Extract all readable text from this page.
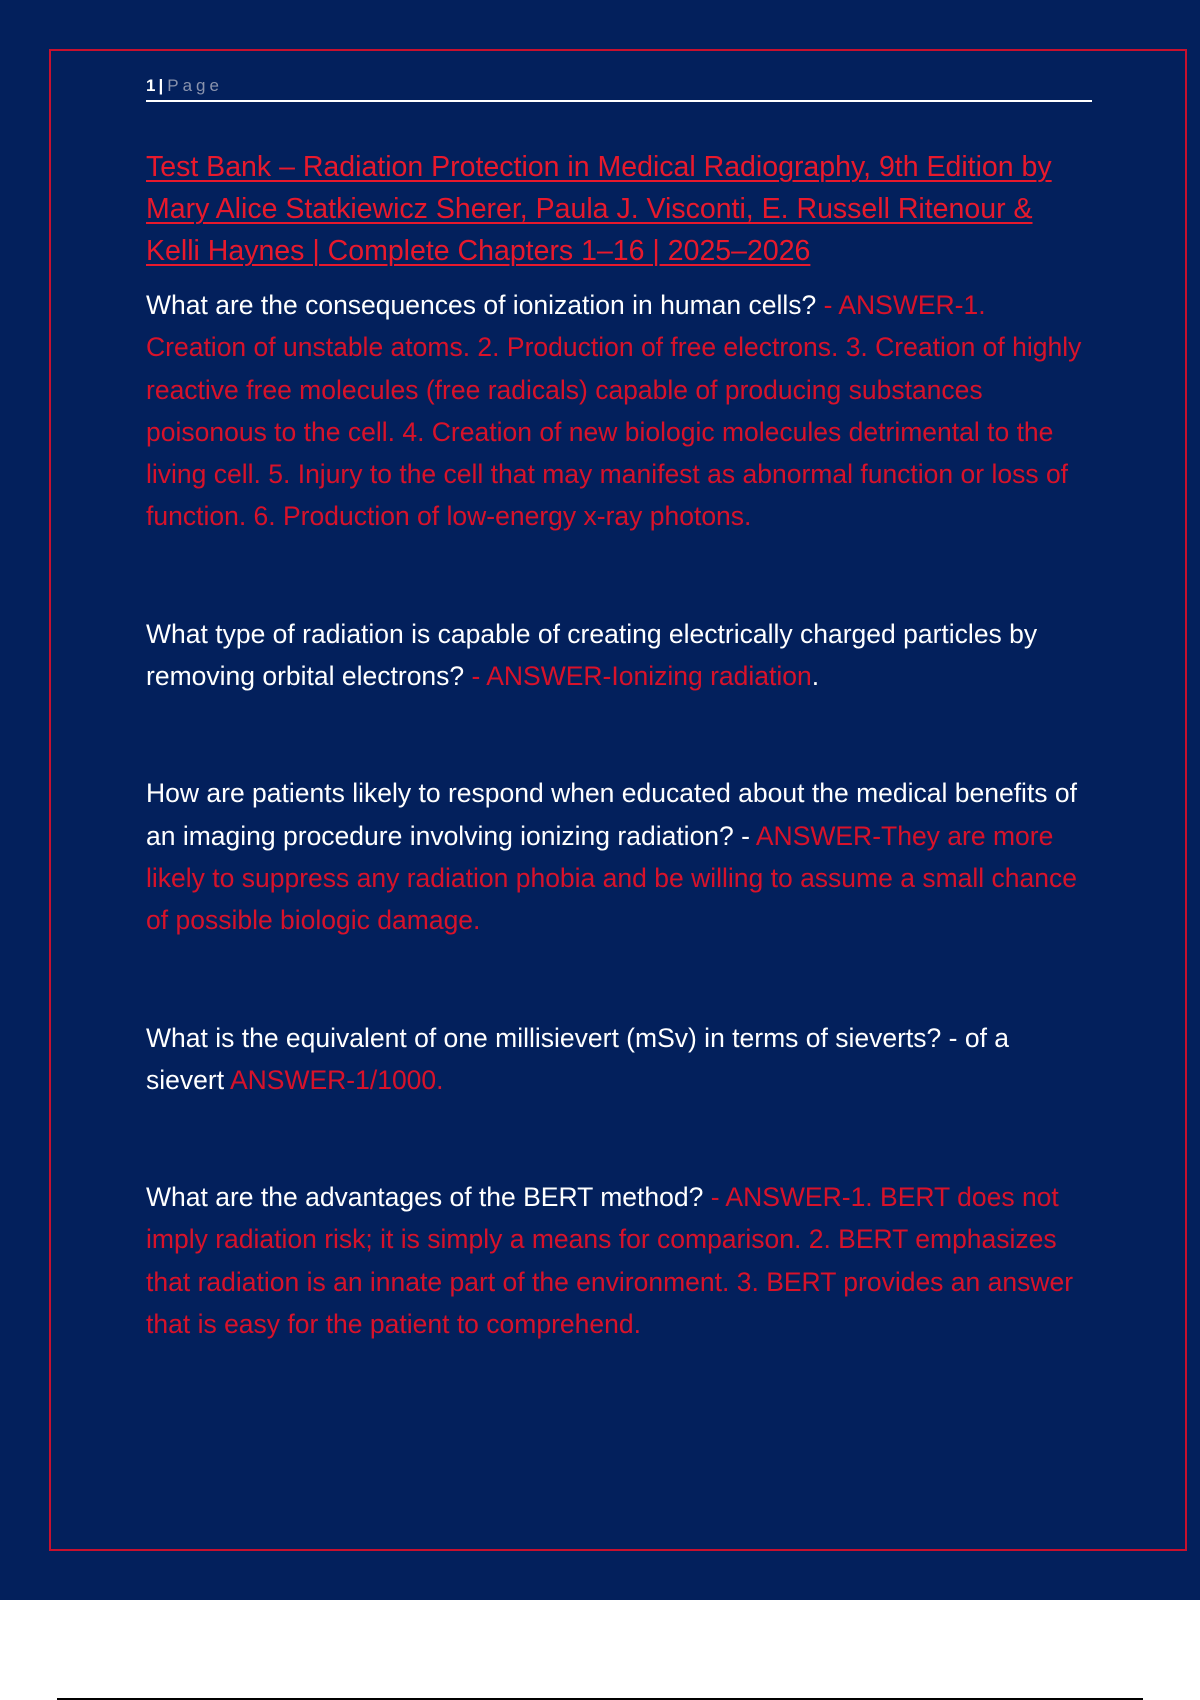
1 | Page
Test Bank – Radiation Protection in Medical Radiography, 9th Edition by Mary Alice Statkiewicz Sherer, Paula J. Visconti, E. Russell Ritenour & Kelli Haynes | Complete Chapters 1–16 | 2025–2026

What are the consequences of ionization in human cells? - ANSWER-1. Creation of unstable atoms. 2. Production of free electrons. 3. Creation of highly reactive free molecules (free radicals) capable of producing substances poisonous to the cell. 4. Creation of new biologic molecules detrimental to the living cell. 5. Injury to the cell that may manifest as abnormal function or loss of function. 6. Production of low-energy x-ray photons.

What type of radiation is capable of creating electrically charged particles by removing orbital electrons? - ANSWER-Ionizing radiation.

How are patients likely to respond when educated about the medical benefits of an imaging procedure involving ionizing radiation? - ANSWER-They are more likely to suppress any radiation phobia and be willing to assume a small chance of possible biologic damage.

What is the equivalent of one millisievert (mSv) in terms of sieverts? - of a sievert ANSWER-1/1000.

What are the advantages of the BERT method? - ANSWER-1. BERT does not imply radiation risk; it is simply a means for comparison. 2. BERT emphasizes that radiation is an innate part of the environment. 3. BERT provides an answer that is easy for the patient to comprehend.
